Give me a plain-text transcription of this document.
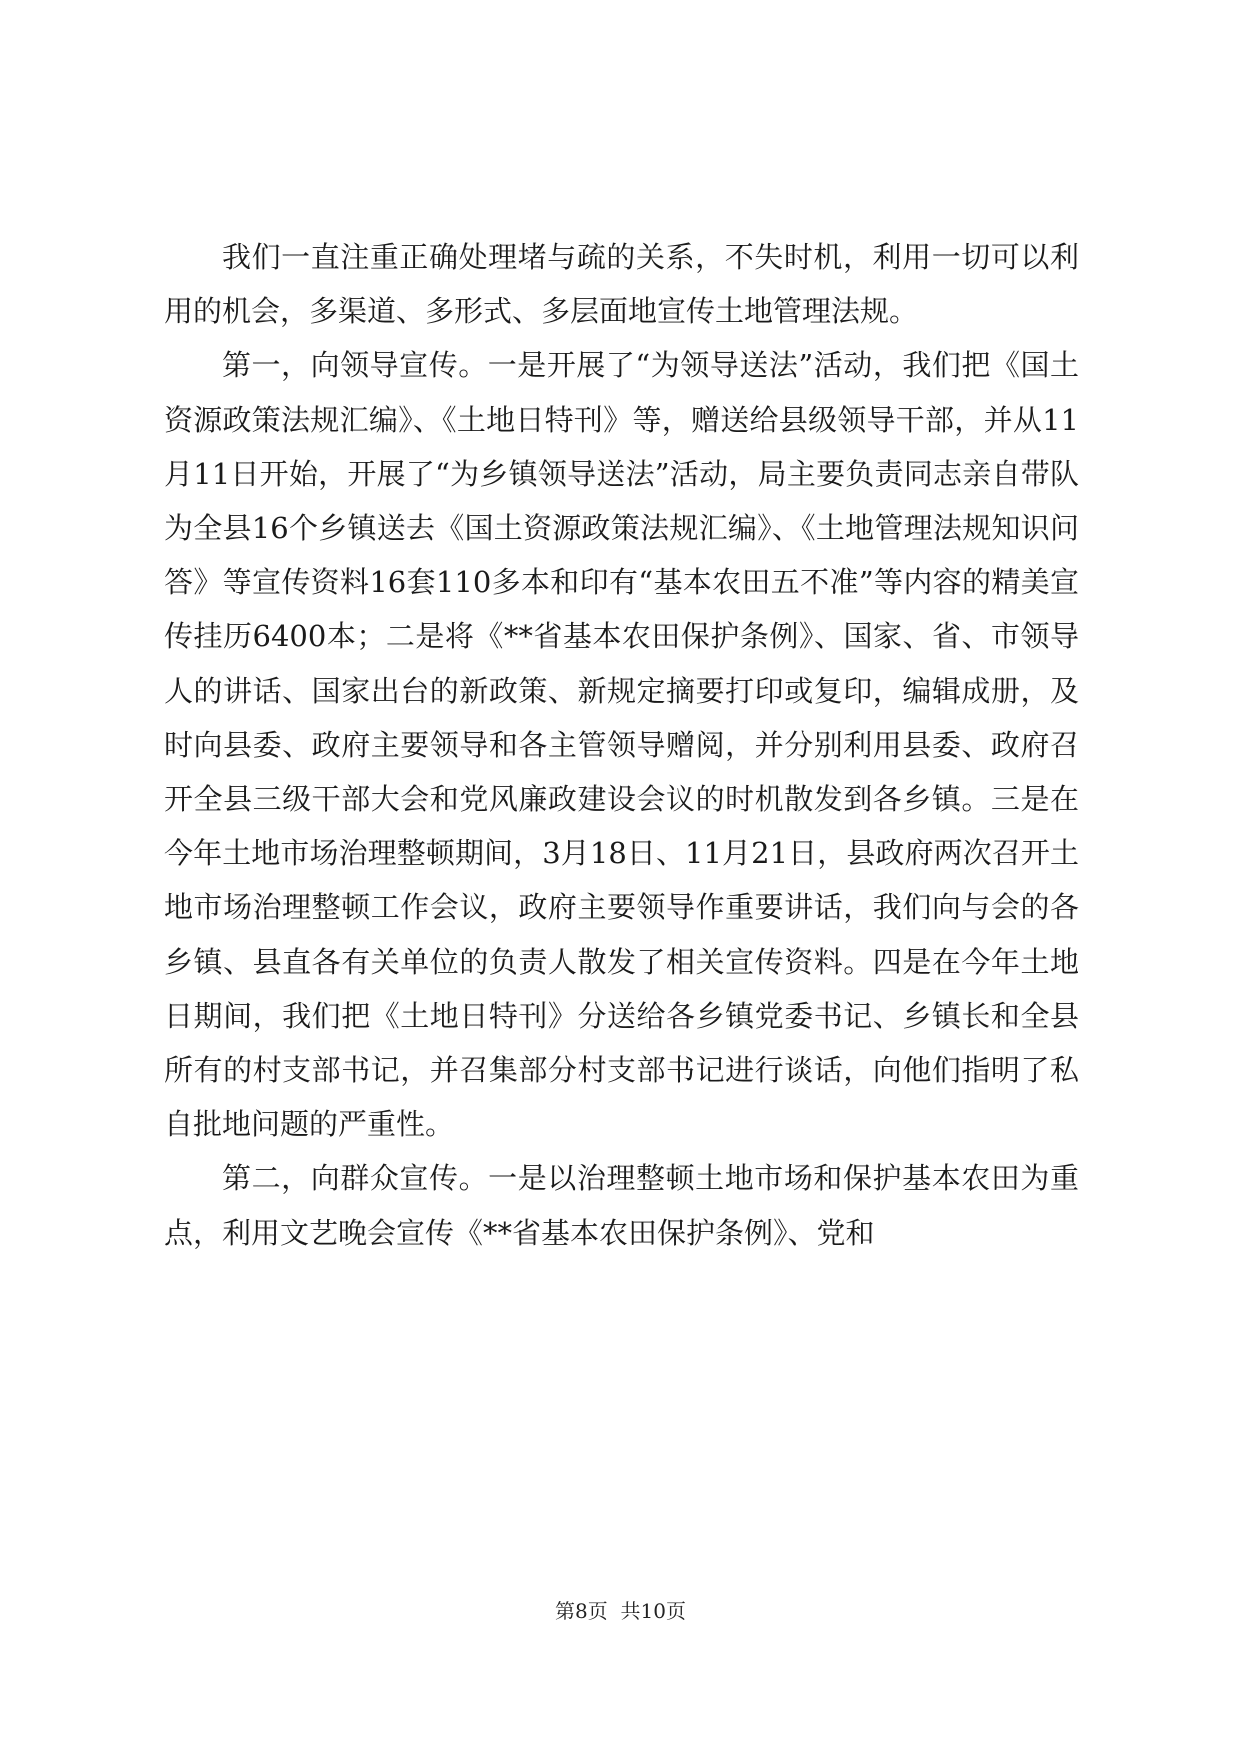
我们一直注重正确处理堵与疏的关系，不失时机，利用一切可以利用的机会，多渠道、多形式、多层面地宣传土地管理法规。

第一，向领导宣传。一是开展了“为领导送法”活动，我们把《国土资源政策法规汇编》、《土地日特刊》等，赠送给县级领导干部，并从11月11日开始，开展了“为乡镇领导送法”活动，局主要负责同志亲自带队为全县16个乡镇送去《国土资源政策法规汇编》、《土地管理法规知识问答》等宣传资料16套110多本和印有“基本农田五不准”等内容的精美宣传挂历6400本；二是将《**省基本农田保护条例》、国家、省、市领导人的讲话、国家出台的新政策、新规定摘要打印或复印，编辑成册，及时向县委、政府主要领导和各主管领导赠阅，并分别利用县委、政府召开全县三级干部大会和党风廉政建设会议的时机散发到各乡镇。三是在今年土地市场治理整顿期间，3月18日、11月21日，县政府两次召开土地市场治理整顿工作会议，政府主要领导作重要讲话，我们向与会的各乡镇、县直各有关单位的负责人散发了相关宣传资料。四是在今年土地日期间，我们把《土地日特刊》分送给各乡镇党委书记、乡镇长和全县所有的村支部书记，并召集部分村支部书记进行谈话，向他们指明了私自批地问题的严重性。

第二，向群众宣传。一是以治理整顿土地市场和保护基本农田为重点，利用文艺晚会宣传《**省基本农田保护条例》、党和

第8页 共10页
